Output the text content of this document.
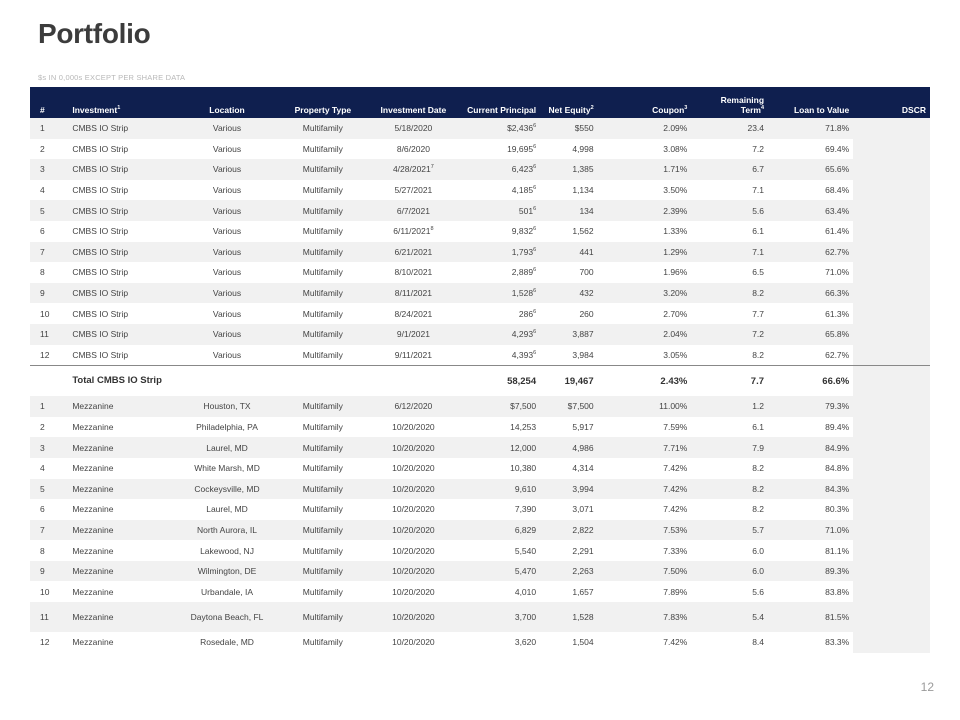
Portfolio
$s IN 0,000s EXCEPT PER SHARE DATA
#	Investment$^1$	Location	Property Type	Investment Date	Current Principal	Net Equity$^2$	Coupon$^3$	Remaining Term$^4$	Loan to Value	DSCR
1	CMBS IO Strip	Various	Multifamily	5/18/2020	$2,436$^6$	$550	2.09%	23.4	71.8%	
2	CMBS IO Strip	Various	Multifamily	8/6/2020	19,695$^6$	4,998	3.08%	7.2	69.4%	
3	CMBS IO Strip	Various	Multifamily	4/28/2021$^7$	6,423$^6$	1,385	1.71%	6.7	65.6%	
4	CMBS IO Strip	Various	Multifamily	5/27/2021	4,185$^6$	1,134	3.50%	7.1	68.4%	
5	CMBS IO Strip	Various	Multifamily	6/7/2021	$501^6$	134	2.39%	5.6	63.4%	
6	CMBS IO Strip	Various	Multifamily	6/11/2021$^8$	9,832$^6$	1,562	1.33%	6.1	61.4%	
7	CMBS IO Strip	Various	Multifamily	6/21/2021	1,793$^6$	441	1.29%	7.1	62.7%	
8	CMBS IO Strip	Various	Multifamily	8/10/2021	2,889$^6$	700	1.96%	6.5	71.0%	
9	CMBS IO Strip	Various	Multifamily	8/11/2021	1,528$^6$	432	3.20%	8.2	66.3%	
10	CMBS IO Strip	Various	Multifamily	8/24/2021	$286^6$	260	2.70%	7.7	61.3%	
11	CMBS IO Strip	Various	Multifamily	9/1/2021	4,293$^6$	3,887	2.04%	7.2	65.8%	
12	CMBS IO Strip	Various	Multifamily	9/11/2021	4,393$^6$	3,984	3.05%	8.2	62.7%	
	Total CMBS IO Strip				58,254	19,467	2.43%	7.7	66.6%	
1	Mezzanine	Houston, TX	Multifamily	6/12/2020	$7,500	$7,500	11.00%	1.2	79.3%	
2	Mezzanine	Philadelphia, PA	Multifamily	10/20/2020	14,253	5,917	7.59%	6.1	89.4%	
3	Mezzanine	Laurel, MD	Multifamily	10/20/2020	12,000	4,986	7.71%	7.9	84.9%	
4	Mezzanine	White Marsh, MD	Multifamily	10/20/2020	10,380	4,314	7.42%	8.2	84.8%	
5	Mezzanine	Cockeysville, MD	Multifamily	10/20/2020	9,610	3,994	7.42%	8.2	84.3%	
6	Mezzanine	Laurel, MD	Multifamily	10/20/2020	7,390	3,071	7.42%	8.2	80.3%	
7	Mezzanine	North Aurora, IL	Multifamily	10/20/2020	6,829	2,822	7.53%	5.7	71.0%	
8	Mezzanine	Lakewood, NJ	Multifamily	10/20/2020	5,540	2,291	7.33%	6.0	81.1%	
9	Mezzanine	Wilmington, DE	Multifamily	10/20/2020	5,470	2,263	7.50%	6.0	89.3%	
10	Mezzanine	Urbandale, IA	Multifamily	10/20/2020	4,010	1,657	7.89%	5.6	83.8%	
11	Mezzanine	Daytona Beach, FL	Multifamily	10/20/2020	3,700	1,528	7.83%	5.4	81.5%	
12	Mezzanine	Rosedale, MD	Multifamily	10/20/2020	3,620	1,504	7.42%	8.4	83.3%	
12
